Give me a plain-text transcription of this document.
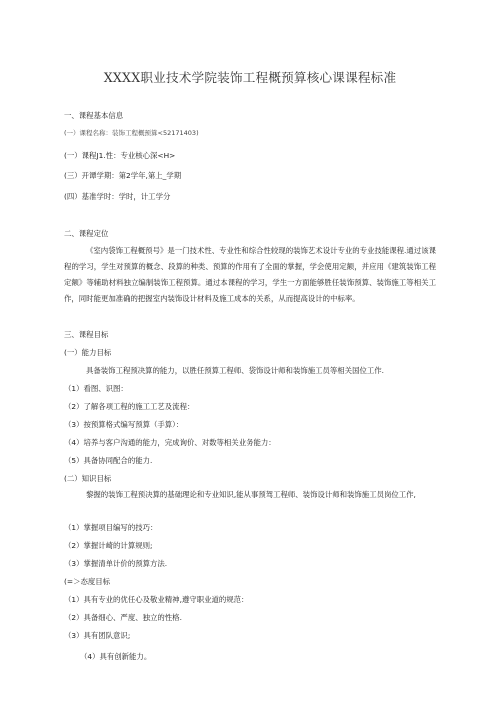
XXXX职业技术学院装饰工程概预算核心课课程标准
一、课程基本信息
(一）课程名称：装饰工程概预算<52171403)
(一）课程J1.性：专业核心深<H>
(三）开谭学期：第2学年,第上_学期
(四）基准学时：学时，计工学分
二、课程定位
《室内袋饰工程概预号》是一门技术性、专业性和综合性较现的装饰艺术设计专业的专业技能课程.通过该课程的学习，学生对预算的概念、段算的种类、预算的作用有了全面的掌握，学会使用定额，并应用《建筑装饰工程定额》等辅助材料独立编制装饰工程预算。通过本课程的学习，学生一方面能够胜任装饰预算、装饰施工等相关工作，同时能更加准确的把握室内装饰设计材料及施工成本的关系，从而提高设计的中标率。
三、课程目标
(一）能力目标
具备装饰工程预决算的能力，以胜任预算工程师、袋饰设计师和装饰施工员等相关国位工作.
（1）看图、识图：
（2）了解各项工程的施工工艺及流程：
（3）按预算格式编写预算（手算）：
（4）培养与客户沟通的能力，完成询价、对数等相关业务能力：
（5）具备协同配合的能力.
(二）知识目标
黎握的装饰工程预决算的基础理论和专业知识,能从事预驾工程师、装饰设计师和装饰施工员岗位工作,
（1）掌握项目编写的技巧：
（2）掌握计崎的计算规则;
（3）掌握清单计价的预算方法.
(=＞态度目标
（1）具有专业的优任心及敬业精神,遵守职业道的规范：
（2）具备细心、严度、独立的性格.
（3）具有团队意识;
（4）具有创新能力。
